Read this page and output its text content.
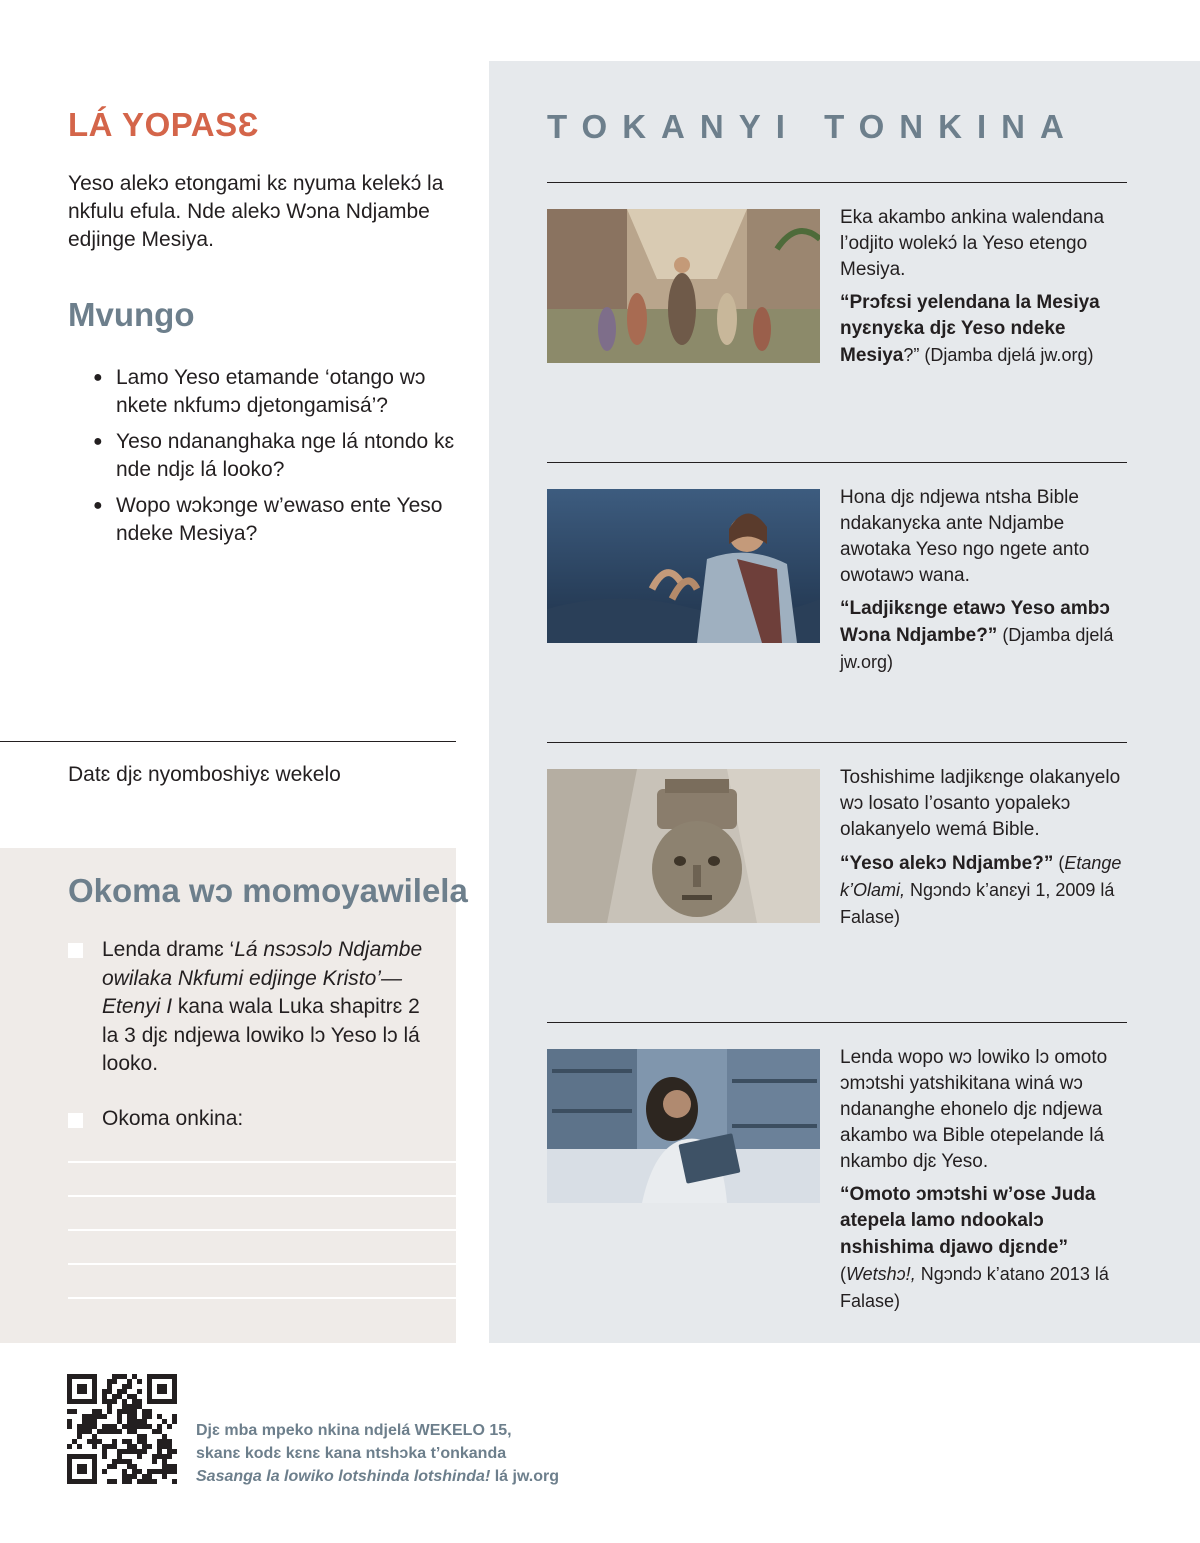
LÁ YOPASƐ
Yeso alekɔ etongami kɛ nyuma kelekɔ́ la nkfulu efula. Nde alekɔ Wɔna Ndjambe edjinge Mesiya.
Mvungo
● Lamo Yeso etamande ‘otango wɔ nkete nkfumɔ djetongamisá’?
● Yeso ndananghaka nge lá ntondo kɛ nde ndjɛ lá looko?
● Wopo wɔkɔnge w’ewaso ente Yeso ndeke Mesiya?
Datɛ djɛ nyomboshiyɛ wekelo
Okoma wɔ momoyawilela
Lenda dramɛ ‘Lá nsɔsɔlɔ Ndjambe owilaka Nkfumi edjinge Kristo’—Etenyi I kana wala Luka shapitrɛ 2 la 3 djɛ ndjewa lowiko lɔ Yeso lɔ lá looko.
Okoma onkina:
TOKANYI TONKINA

Eka akambo ankina walendana l’odjito wolekɔ́ la Yeso etengo Mesiya.

“Prɔfɛsi yelendana la Mesiya nyɛnyɛka djɛ Yeso ndeke Mesiya?” (Djamba djelá jw.org)

Hona djɛ ndjewa ntsha Bible ndakanyɛka ante Ndjambe awotaka Yeso ngo ngete anto owotawɔ wana.

“Ladjikɛnge etawɔ Yeso ambɔ Wɔna Ndjambe?” (Djamba djelá jw.org)

Toshishime ladjikɛnge olakanyelo wɔ losato l’osanto yopalekɔ olakanyelo wemá Bible.

“Yeso alekɔ Ndjambe?” (Etange k’Olami, Ngɔndɔ k’anɛyi 1, 2009 lá Falase)

Lenda wopo wɔ lowiko lɔ omoto ɔmɔtshi yatshikitana winá wɔ ndananghe ehonelo djɛ ndjewa akambo wa Bible otepelande lá nkambo djɛ Yeso.

“Omoto ɔmɔtshi w’ose Juda atepela lamo ndookalɔ nshishima djawo djɛnde” (Wetshɔ!, Ngɔndɔ k’atano 2013 lá Falase)

Djɛ mba mpeko nkina ndjelá WEKELO 15,
skanɛ kodɛ kɛnɛ kana ntshɔka t’onkanda
Sasanga la lowiko lotshinda lotshinda! lá jw.org
